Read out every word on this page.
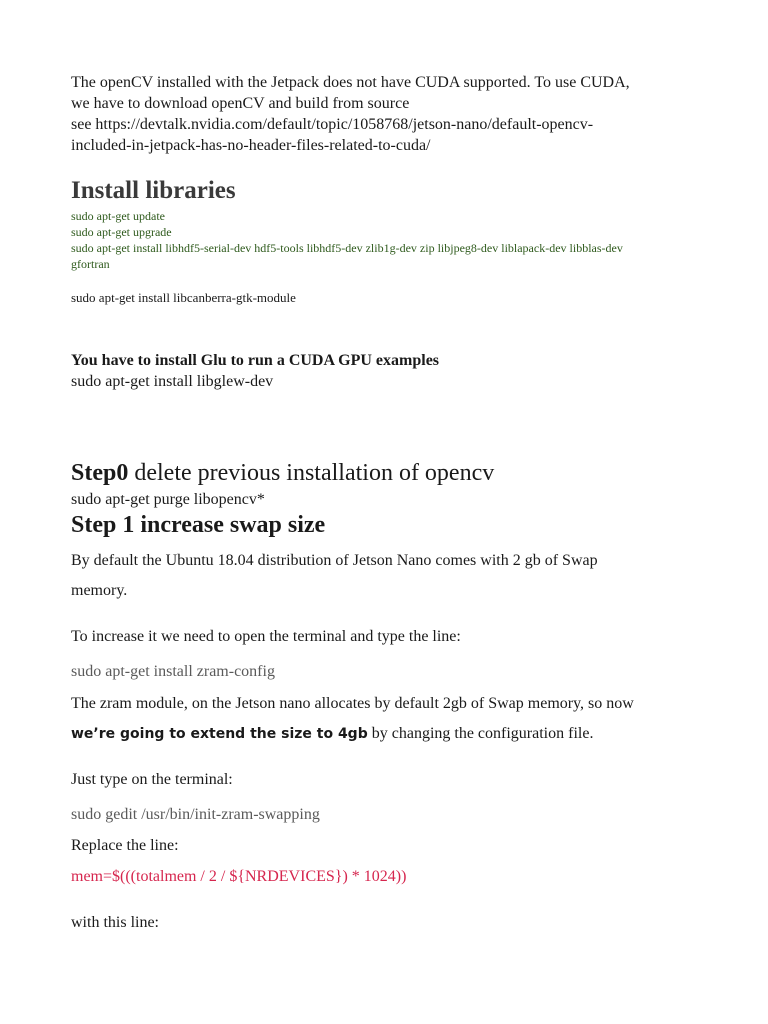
The openCV installed with the Jetpack does not have CUDA supported. To use CUDA,
we have to download openCV and build from source
see https://devtalk.nvidia.com/default/topic/1058768/jetson-nano/default-opencv-
included-in-jetpack-has-no-header-files-related-to-cuda/
Install libraries
sudo apt-get update
sudo apt-get upgrade
sudo apt-get install libhdf5-serial-dev hdf5-tools libhdf5-dev zlib1g-dev zip libjpeg8-dev liblapack-dev libblas-dev
gfortran
sudo apt-get install libcanberra-gtk-module
You have to install Glu to run a CUDA GPU examples
sudo apt-get install libglew-dev
Step0 delete previous installation of opencv
sudo apt-get purge libopencv*
Step 1 increase swap size
By default the Ubuntu 18.04 distribution of Jetson Nano comes with 2 gb of Swap
memory.
To increase it we need to open the terminal and type the line:
sudo apt-get install zram-config
The zram module, on the Jetson nano allocates by default 2gb of Swap memory, so now
we’re going to extend the size to 4gb by changing the configuration file.
Just type on the terminal:
sudo gedit /usr/bin/init-zram-swapping
Replace the line:
mem=$(((totalmem / 2 / ${NRDEVICES}) * 1024))
with this line:
